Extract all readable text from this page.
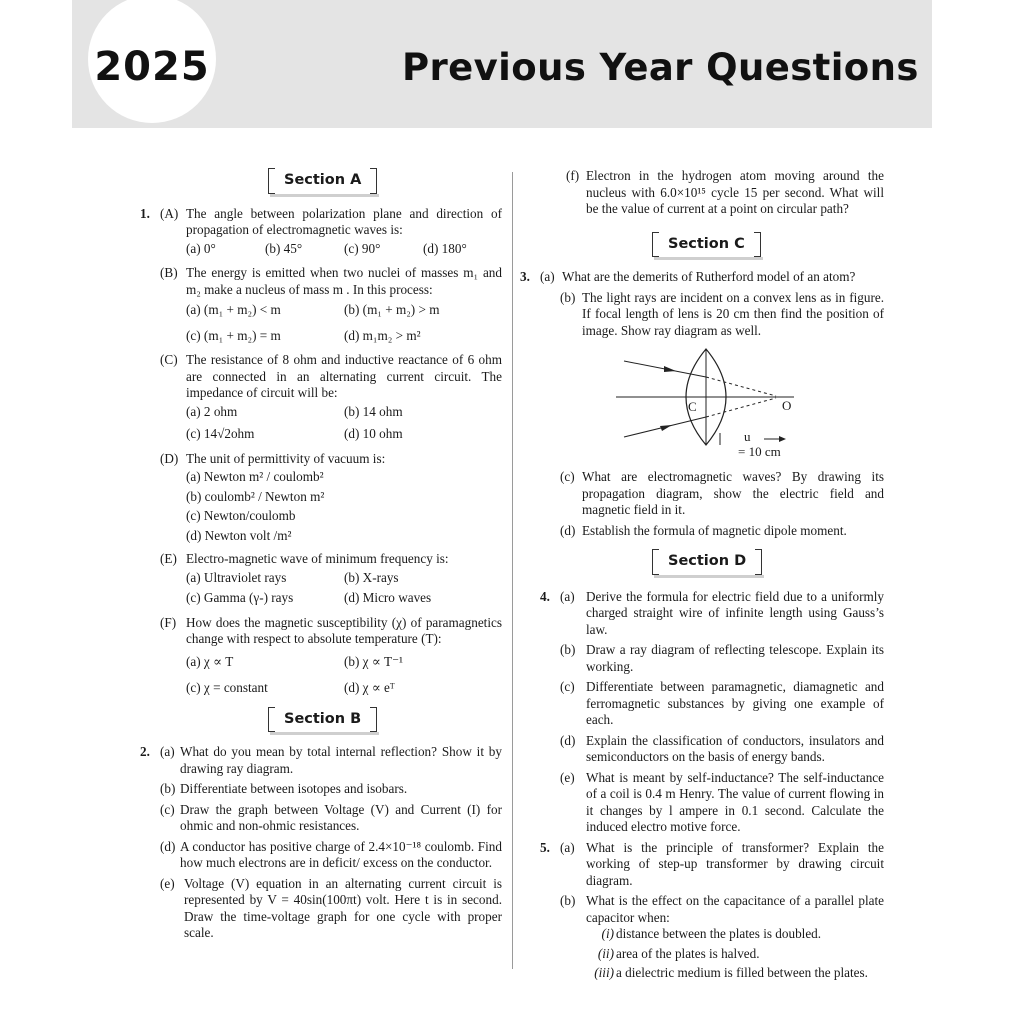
2025	Previous Year Questions
Section A
1. (A) The angle between polarization plane and direction of propagation of electromagnetic waves is:
(a) 0°	(b) 45°	(c) 90°	(d) 180°
(B) The energy is emitted when two nuclei of masses m₁ and m₂ make a nucleus of mass m . In this process:
(a) (m₁ + m₂) < m	(b) (m₁ + m₂) > m
(c) (m₁ + m₂) = m	(d) m₁m₂ > m²
(C) The resistance of 8 ohm and inductive reactance of 6 ohm are connected in an alternating current circuit. The impedance of circuit will be:
(a) 2 ohm	(b) 14 ohm
(c) 14√2ohm	(d) 10 ohm
(D) The unit of permittivity of vacuum is:
(a) Newton m² / coulomb²
(b) coulomb² / Newton m²
(c) Newton/coulomb
(d) Newton volt /m²
(E) Electro-magnetic wave of minimum frequency is:
(a) Ultraviolet rays	(b) X-rays
(c) Gamma (γ-) rays	(d) Micro waves
(F) How does the magnetic susceptibility (χ) of paramagnetics change with respect to absolute temperature (T):
(a) χ ∝ T	(b) χ ∝ T⁻¹
(c) χ = constant	(d) χ ∝ eᵀ
Section B
2. (a) What do you mean by total internal reflection? Show it by drawing ray diagram.
(b) Differentiate between isotopes and isobars.
(c) Draw the graph between Voltage (V) and Current (I) for ohmic and non-ohmic resistances.
(d) A conductor has positive charge of 2.4×10⁻¹⁸ coulomb. Find how much electrons are in deficit/ excess on the conductor.
(e) Voltage (V) equation in an alternating current circuit is represented by V = 40sin(100πt) volt. Here t is in second. Draw the time-voltage graph for one cycle with proper scale.
(f) Electron in the hydrogen atom moving around the nucleus with 6.0×10¹⁵ cycle 15 per second. What will be the value of current at a point on circular path?
Section C
3. (a) What are the demerits of Rutherford model of an atom?
(b) The light rays are incident on a convex lens as in figure. If focal length of lens is 20 cm then find the position of image. Show ray diagram as well.
C	O
u
= 10 cm
(c) What are electromagnetic waves? By drawing its propagation diagram, show the electric field and magnetic field in it.
(d) Establish the formula of magnetic dipole moment.
Section D
4. (a) Derive the formula for electric field due to a uniformly charged straight wire of infinite length using Gauss’s law.
(b) Draw a ray diagram of reflecting telescope. Explain its working.
(c) Differentiate between paramagnetic, diamagnetic and ferromagnetic substances by giving one example of each.
(d) Explain the classification of conductors, insulators and semiconductors on the basis of energy bands.
(e) What is meant by self-inductance? The self-inductance of a coil is 0.4 m Henry. The value of current flowing in it changes by l ampere in 0.1 second. Calculate the induced electro motive force.
5. (a) What is the principle of transformer? Explain the working of step-up transformer by drawing circuit diagram.
(b) What is the effect on the capacitance of a parallel plate capacitor when:
(i) distance between the plates is doubled.
(ii) area of the plates is halved.
(iii) a dielectric medium is filled between the plates.
